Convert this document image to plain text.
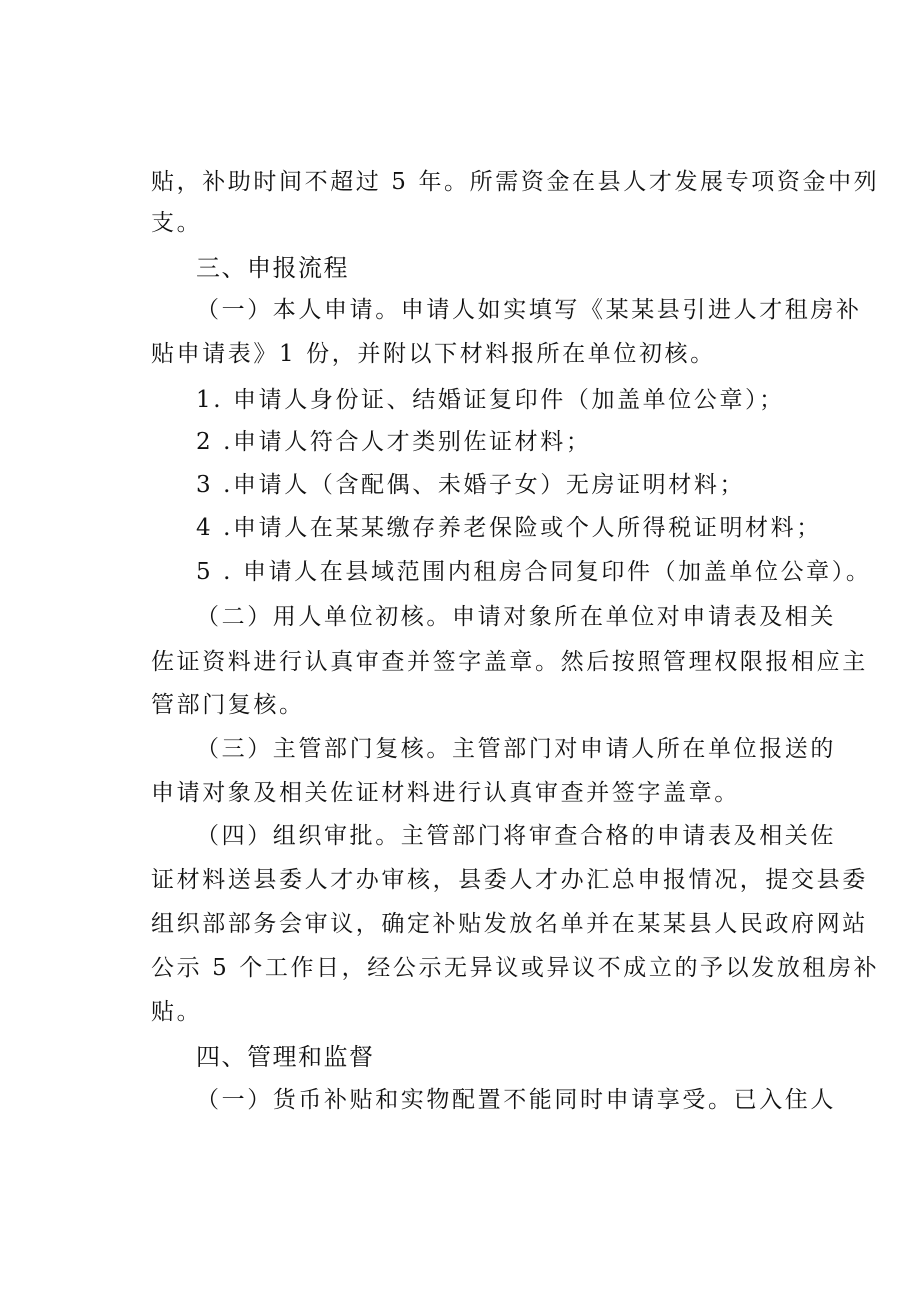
贴，补助时间不超过 5 年。所需资金在县人才发展专项资金中列
支。
三、申报流程
（一）本人申请。申请人如实填写《某某县引进人才租房补
贴申请表》1 份，并附以下材料报所在单位初核。
1. 申请人身份证、结婚证复印件（加盖单位公章）；
2 .申请人符合人才类别佐证材料；
3 .申请人（含配偶、未婚子女）无房证明材料；
4 .申请人在某某缴存养老保险或个人所得税证明材料；
5 . 申请人在县域范围内租房合同复印件（加盖单位公章）。
（二）用人单位初核。申请对象所在单位对申请表及相关
佐证资料进行认真审查并签字盖章。然后按照管理权限报相应主
管部门复核。
（三）主管部门复核。主管部门对申请人所在单位报送的
申请对象及相关佐证材料进行认真审查并签字盖章。
（四）组织审批。主管部门将审查合格的申请表及相关佐
证材料送县委人才办审核，县委人才办汇总申报情况，提交县委
组织部部务会审议，确定补贴发放名单并在某某县人民政府网站
公示 5 个工作日，经公示无异议或异议不成立的予以发放租房补
贴。
四、管理和监督
（一）货币补贴和实物配置不能同时申请享受。已入住人
